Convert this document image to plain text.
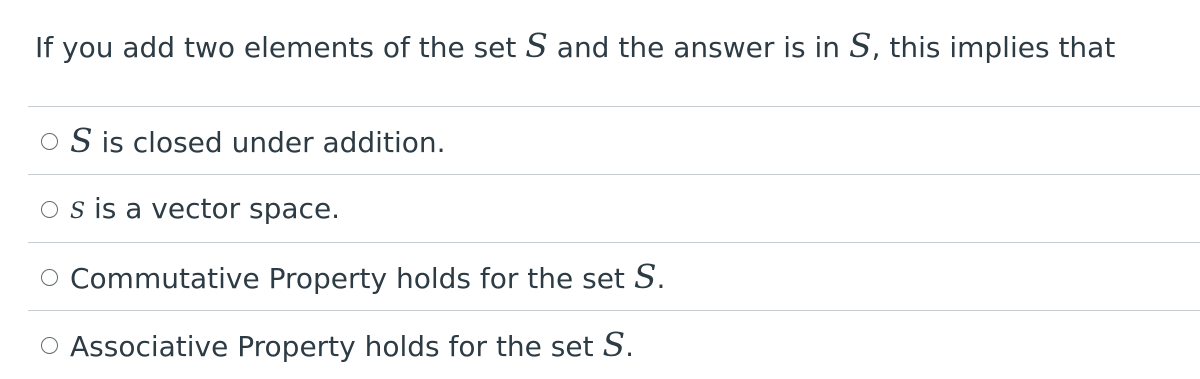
If you add two elements of the set S and the answer is in S, this implies that
S is closed under addition.
S is a vector space.
Commutative Property holds for the set S.
Associative Property holds for the set S.
